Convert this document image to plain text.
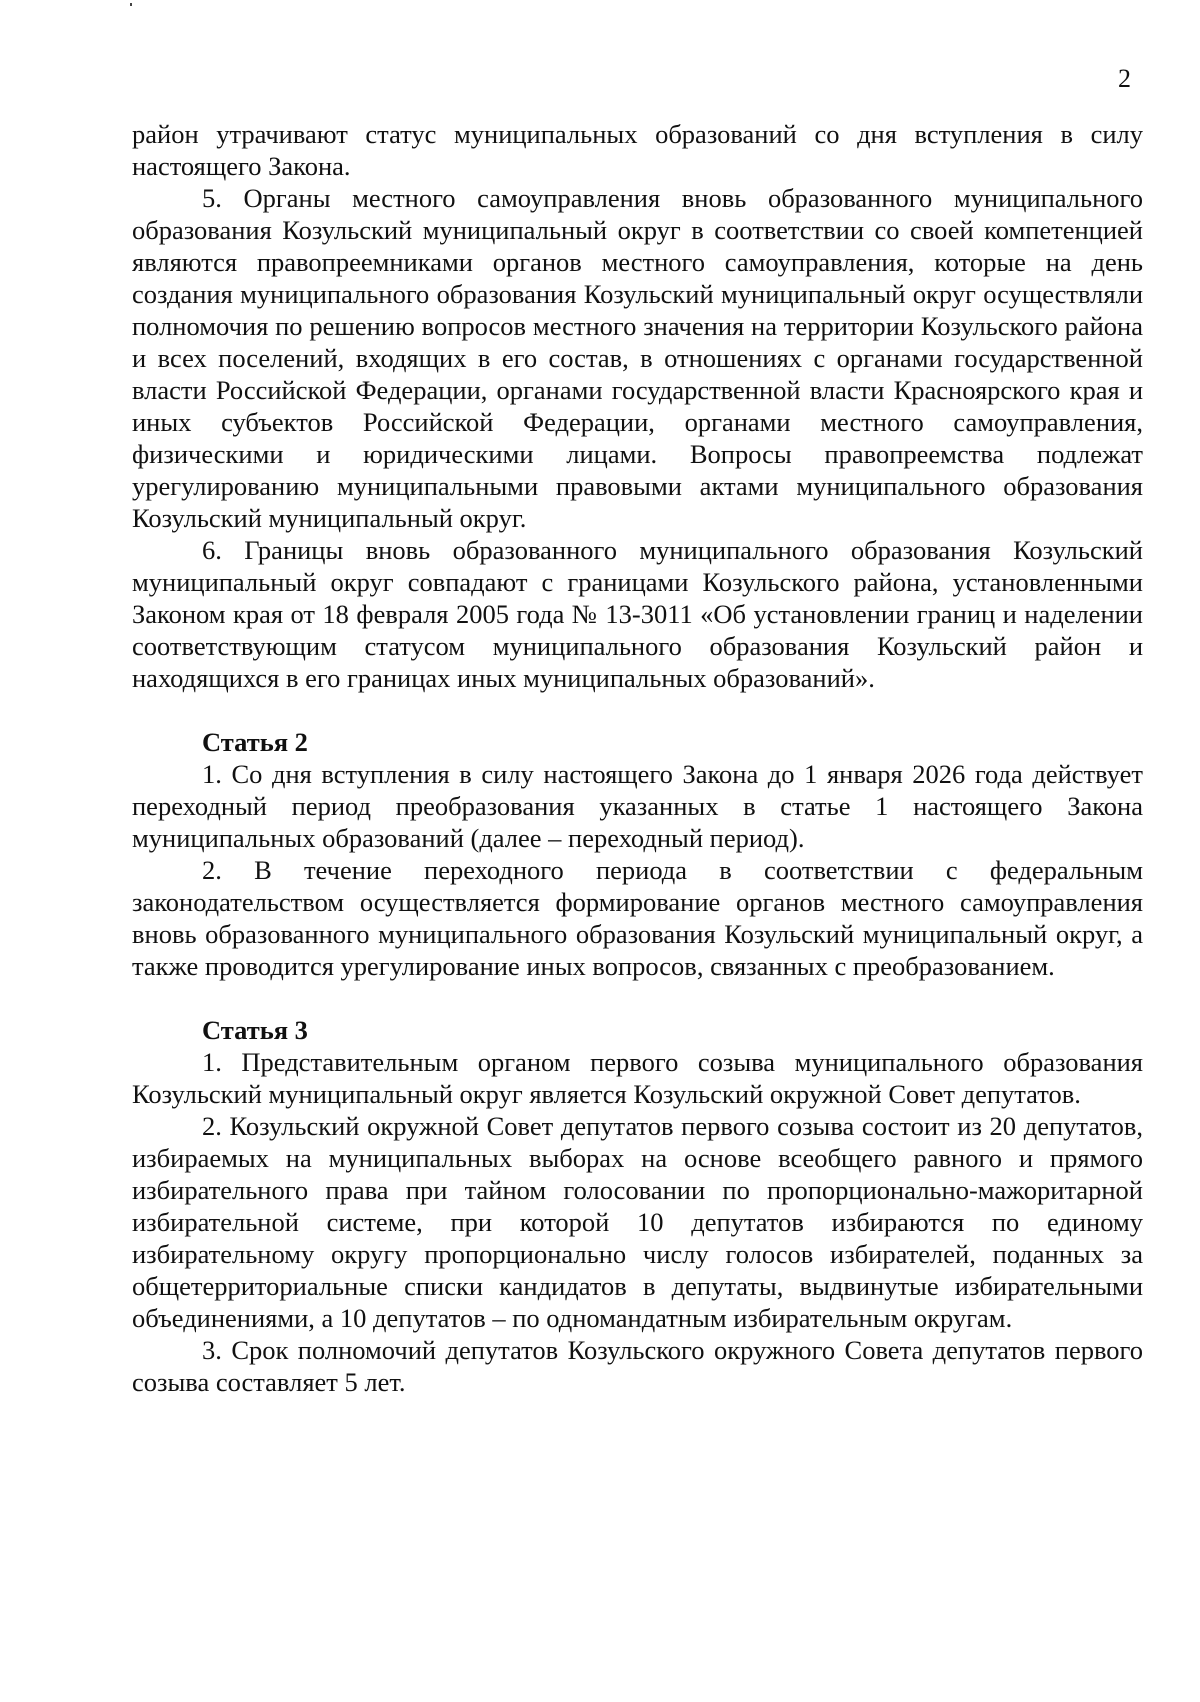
2

район утрачивают статус муниципальных образований со дня вступления в силу настоящего Закона.

5. Органы местного самоуправления вновь образованного муниципального образования Козульский муниципальный округ в соответствии со своей компетенцией являются правопреемниками органов местного самоуправления, которые на день создания муниципального образования Козульский муниципальный округ осуществляли полномочия по решению вопросов местного значения на территории Козульского района и всех поселений, входящих в его состав, в отношениях с органами государственной власти Российской Федерации, органами государственной власти Красноярского края и иных субъектов Российской Федерации, органами местного самоуправления, физическими и юридическими лицами. Вопросы правопреемства подлежат урегулированию муниципальными правовыми актами муниципального образования Козульский муниципальный округ.

6. Границы вновь образованного муниципального образования Козульский муниципальный округ совпадают с границами Козульского района, установленными Законом края от 18 февраля 2005 года № 13-3011 «Об установлении границ и наделении соответствующим статусом муниципального образования Козульский район и находящихся в его границах иных муниципальных образований».

Статья 2

1. Со дня вступления в силу настоящего Закона до 1 января 2026 года действует переходный период преобразования указанных в статье 1 настоящего Закона муниципальных образований (далее – переходный период).

2. В течение переходного периода в соответствии с федеральным законодательством осуществляется формирование органов местного самоуправления вновь образованного муниципального образования Козульский муниципальный округ, а также проводится урегулирование иных вопросов, связанных с преобразованием.

Статья 3

1. Представительным органом первого созыва муниципального образования Козульский муниципальный округ является Козульский окружной Совет депутатов.

2. Козульский окружной Совет депутатов первого созыва состоит из 20 депутатов, избираемых на муниципальных выборах на основе всеобщего равного и прямого избирательного права при тайном голосовании по пропорционально-мажоритарной избирательной системе, при которой 10 депутатов избираются по единому избирательному округу пропорционально числу голосов избирателей, поданных за общетерриториальные списки кандидатов в депутаты, выдвинутые избирательными объединениями, а 10 депутатов – по одномандатным избирательным округам.

3. Срок полномочий депутатов Козульского окружного Совета депутатов первого созыва составляет 5 лет.
